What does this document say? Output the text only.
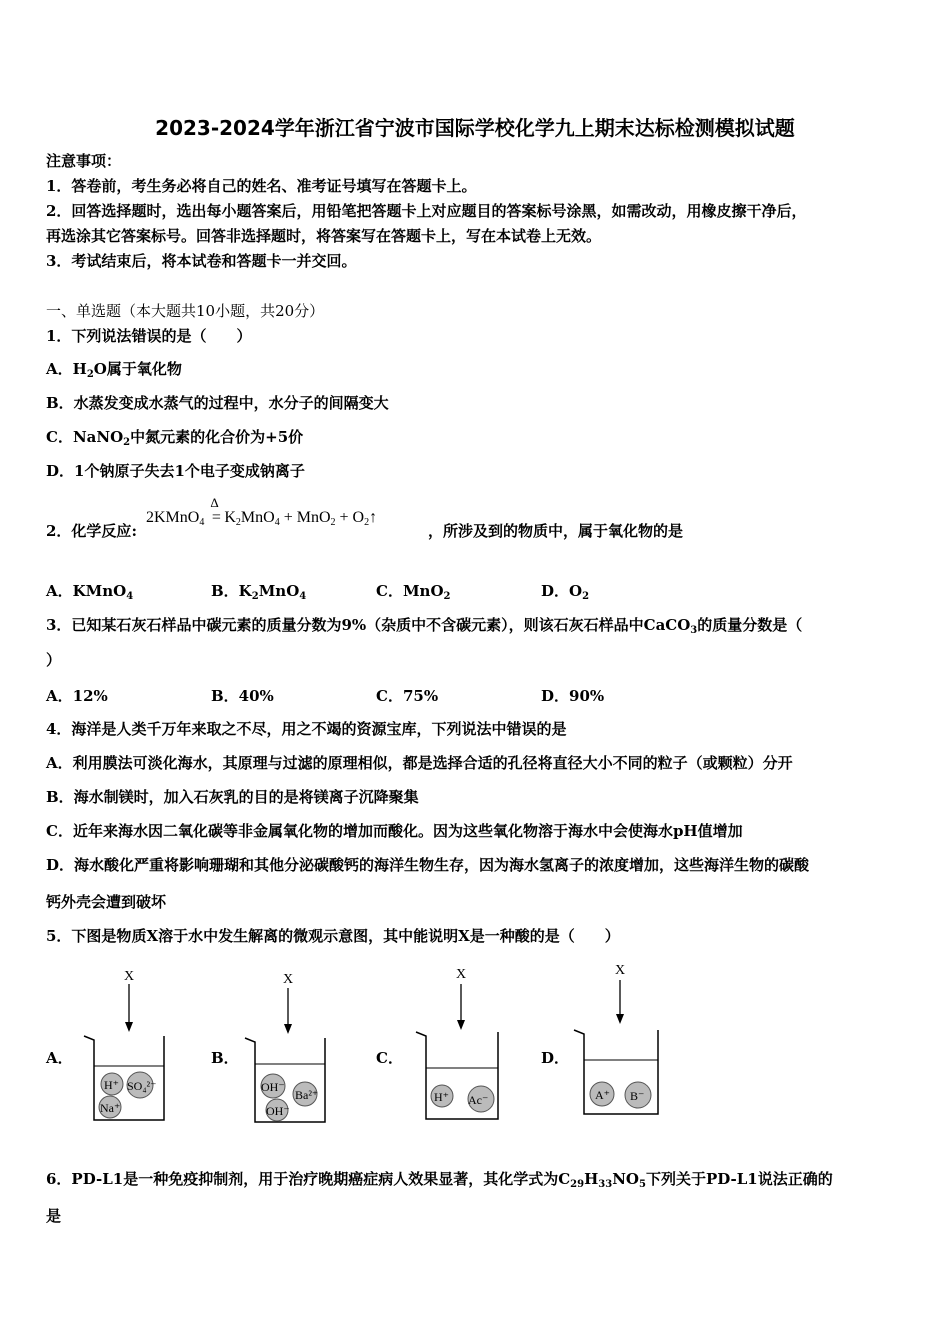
2023-2024学年浙江省宁波市国际学校化学九上期末达标检测模拟试题
注意事项：
1．答卷前，考生务必将自己的姓名、准考证号填写在答题卡上。
2．回答选择题时，选出每小题答案后，用铅笔把答题卡上对应题目的答案标号涂黑，如需改动，用橡皮擦干净后，
再选涂其它答案标号。回答非选择题时，将答案写在答题卡上，写在本试卷上无效。
3．考试结束后，将本试卷和答题卡一并交回。
一、单选题（本大题共10小题，共20分）
1．下列说法错误的是（　　）
A．$H_2O$属于氧化物
B．水蒸发变成水蒸气的过程中，水分子的间隔变大
C．NaNO$_2$中氮元素的化合价为+5价
D．1个钠原子失去1个电子变成钠离子
2．化学反应:
2KMnO$_4$
Δ
= $K_2MnO_4 + MnO_2$ + $O_2↑$
，所涉及到的物质中，属于氧化物的是
A．KMnO$_4$	B．$K_2MnO_4$	C．MnO$_2$	D．$O_2$
3．已知某石灰石样品中碳元素的质量分数为9%（杂质中不含碳元素），则该石灰石样品中CaCO$_3$的质量分数是（
）
A．12%	B．40%	C．75%	D．90%
4．海洋是人类千万年来取之不尽，用之不竭的资源宝库，下列说法中错误的是
A．利用膜法可淡化海水，其原理与过滤的原理相似，都是选择合适的孔径将直径大小不同的粒子（或颗粒）分开
B．海水制镁时，加入石灰乳的目的是将镁离子沉降聚集
C．近年来海水因二氧化碳等非金属氧化物的增加而酸化。因为这些氧化物溶于海水中会使海水pH值增加
D．海水酸化严重将影响珊瑚和其他分泌碳酸钙的海洋生物生存，因为海水氢离子的浓度增加，这些海洋生物的碳酸
钙外壳会遭到破坏
5．下图是物质X溶于水中发生解离的微观示意图，其中能说明X是一种酸的是（　　）
A．	B．	C．	D．
X
H⁺ SO₄²⁻
Na⁺
X
OH⁻
Ba²⁺
OH⁻
X
H⁺ Ac⁻
X
A⁺ B⁻
6．PD-L1是一种免疫抑制剂，用于治疗晚期癌症病人效果显著，其化学式为$C_{29}H_{33}NO_5$下列关于PD-L1说法正确的
是
